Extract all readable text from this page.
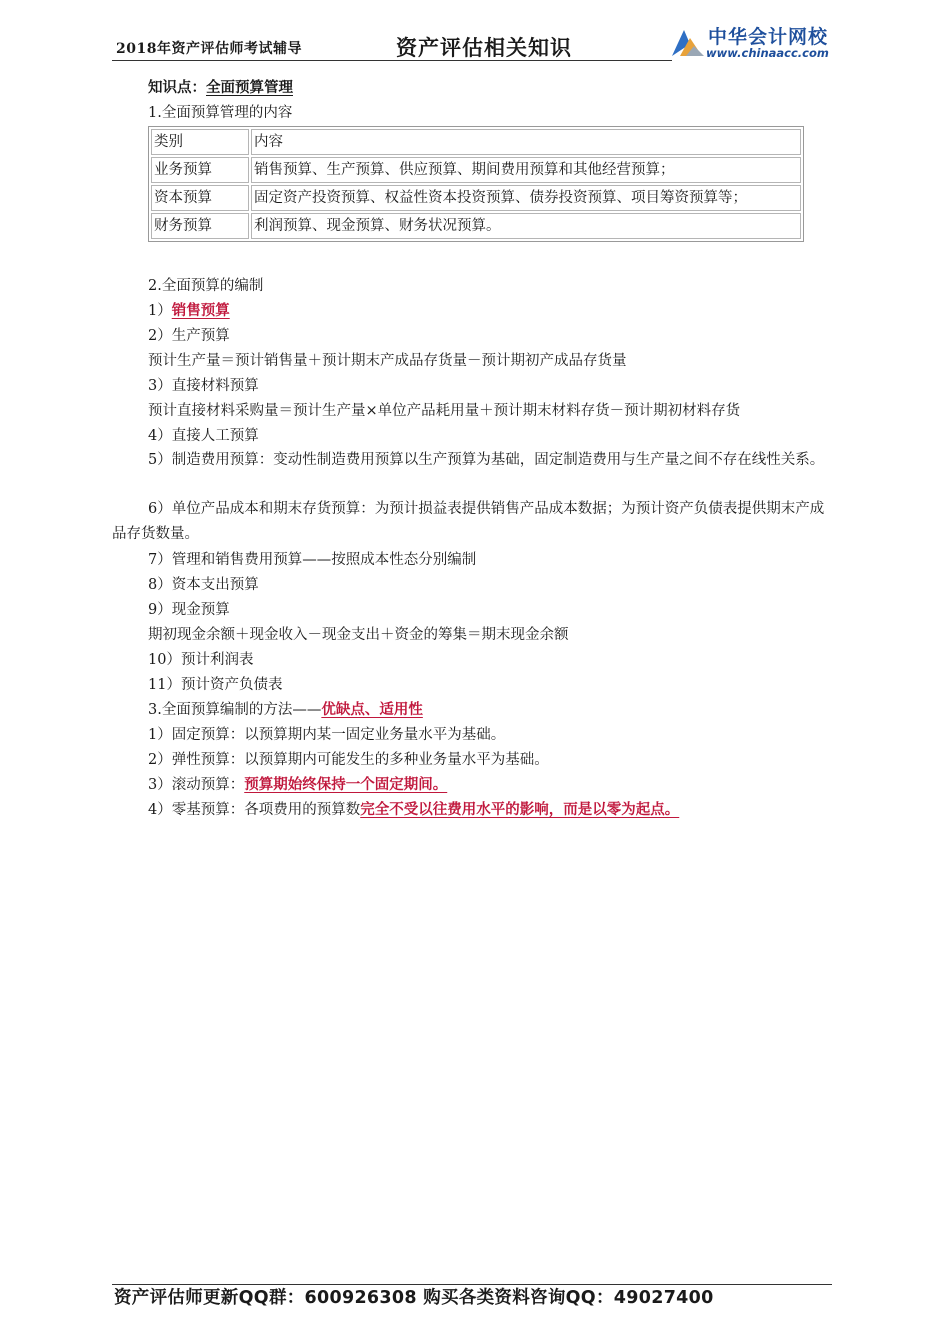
2018年资产评估师考试辅导	资产评估相关知识	中华会计网校
www.chinaacc.com
知识点：全面预算管理
1.全面预算管理的内容
类别	内容
业务预算	销售预算、生产预算、供应预算、期间费用预算和其他经营预算；
资本预算	固定资产投资预算、权益性资本投资预算、债券投资预算、项目筹资预算等；
财务预算	利润预算、现金预算、财务状况预算。
2.全面预算的编制
1）销售预算
2）生产预算
预计生产量＝预计销售量＋预计期末产成品存货量－预计期初产成品存货量
3）直接材料预算
预计直接材料采购量＝预计生产量×单位产品耗用量＋预计期末材料存货－预计期初材料存货
4）直接人工预算
5）制造费用预算：变动性制造费用预算以生产预算为基础，固定制造费用与生产量之间不存在线性关系。
6）单位产品成本和期末存货预算：为预计损益表提供销售产品成本数据；为预计资产负债表提供期末产成品存货数量。
7）管理和销售费用预算——按照成本性态分别编制
8）资本支出预算
9）现金预算
期初现金余额＋现金收入－现金支出＋资金的筹集＝期末现金余额
10）预计利润表
11）预计资产负债表
3.全面预算编制的方法——优缺点、适用性
1）固定预算：以预算期内某一固定业务量水平为基础。
2）弹性预算：以预算期内可能发生的多种业务量水平为基础。
3）滚动预算：预算期始终保持一个固定期间。
4）零基预算：各项费用的预算数完全不受以往费用水平的影响，而是以零为起点。
资产评估师更新QQ群：600926308 购买各类资料咨询QQ：49027400
